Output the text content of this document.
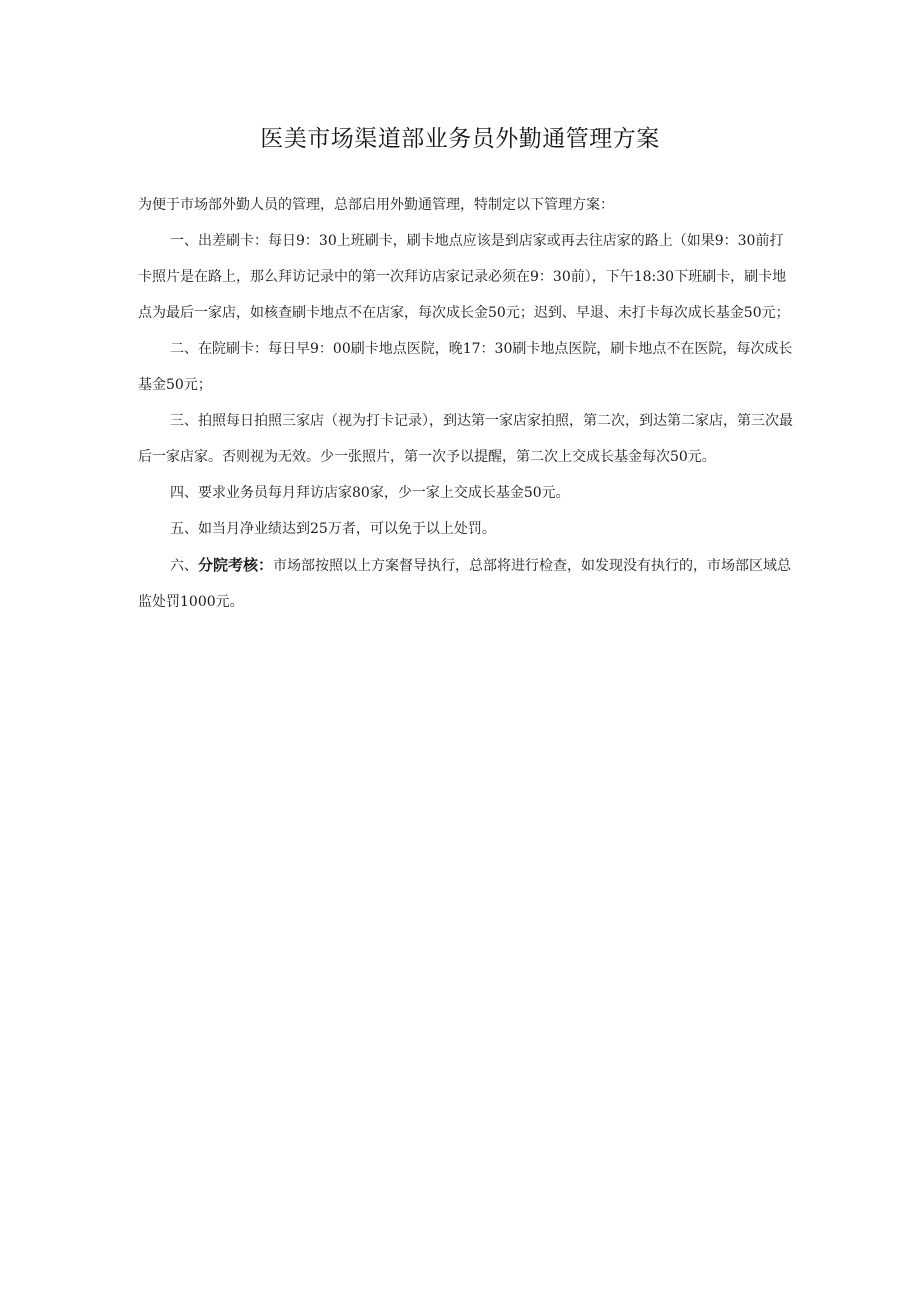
医美市场渠道部业务员外勤通管理方案

为便于市场部外勤人员的管理，总部启用外勤通管理，特制定以下管理方案：

一、出差刷卡：每日9：30上班刷卡，刷卡地点应该是到店家或再去往店家的路上（如果9：30前打卡照片是在路上，那么拜访记录中的第一次拜访店家记录必须在9：30前），下午18:30下班刷卡，刷卡地点为最后一家店，如核查刷卡地点不在店家，每次成长金50元；迟到、早退、未打卡每次成长基金50元；

二、在院刷卡：每日早9：00刷卡地点医院，晚17：30刷卡地点医院，刷卡地点不在医院，每次成长基金50元；

三、拍照每日拍照三家店（视为打卡记录），到达第一家店家拍照，第二次，到达第二家店，第三次最后一家店家。否则视为无效。少一张照片，第一次予以提醒，第二次上交成长基金每次50元。

四、要求业务员每月拜访店家80家，少一家上交成长基金50元。

五、如当月净业绩达到25万者，可以免于以上处罚。

六、分院考核：市场部按照以上方案督导执行，总部将进行检查，如发现没有执行的，市场部区域总监处罚1000元。
